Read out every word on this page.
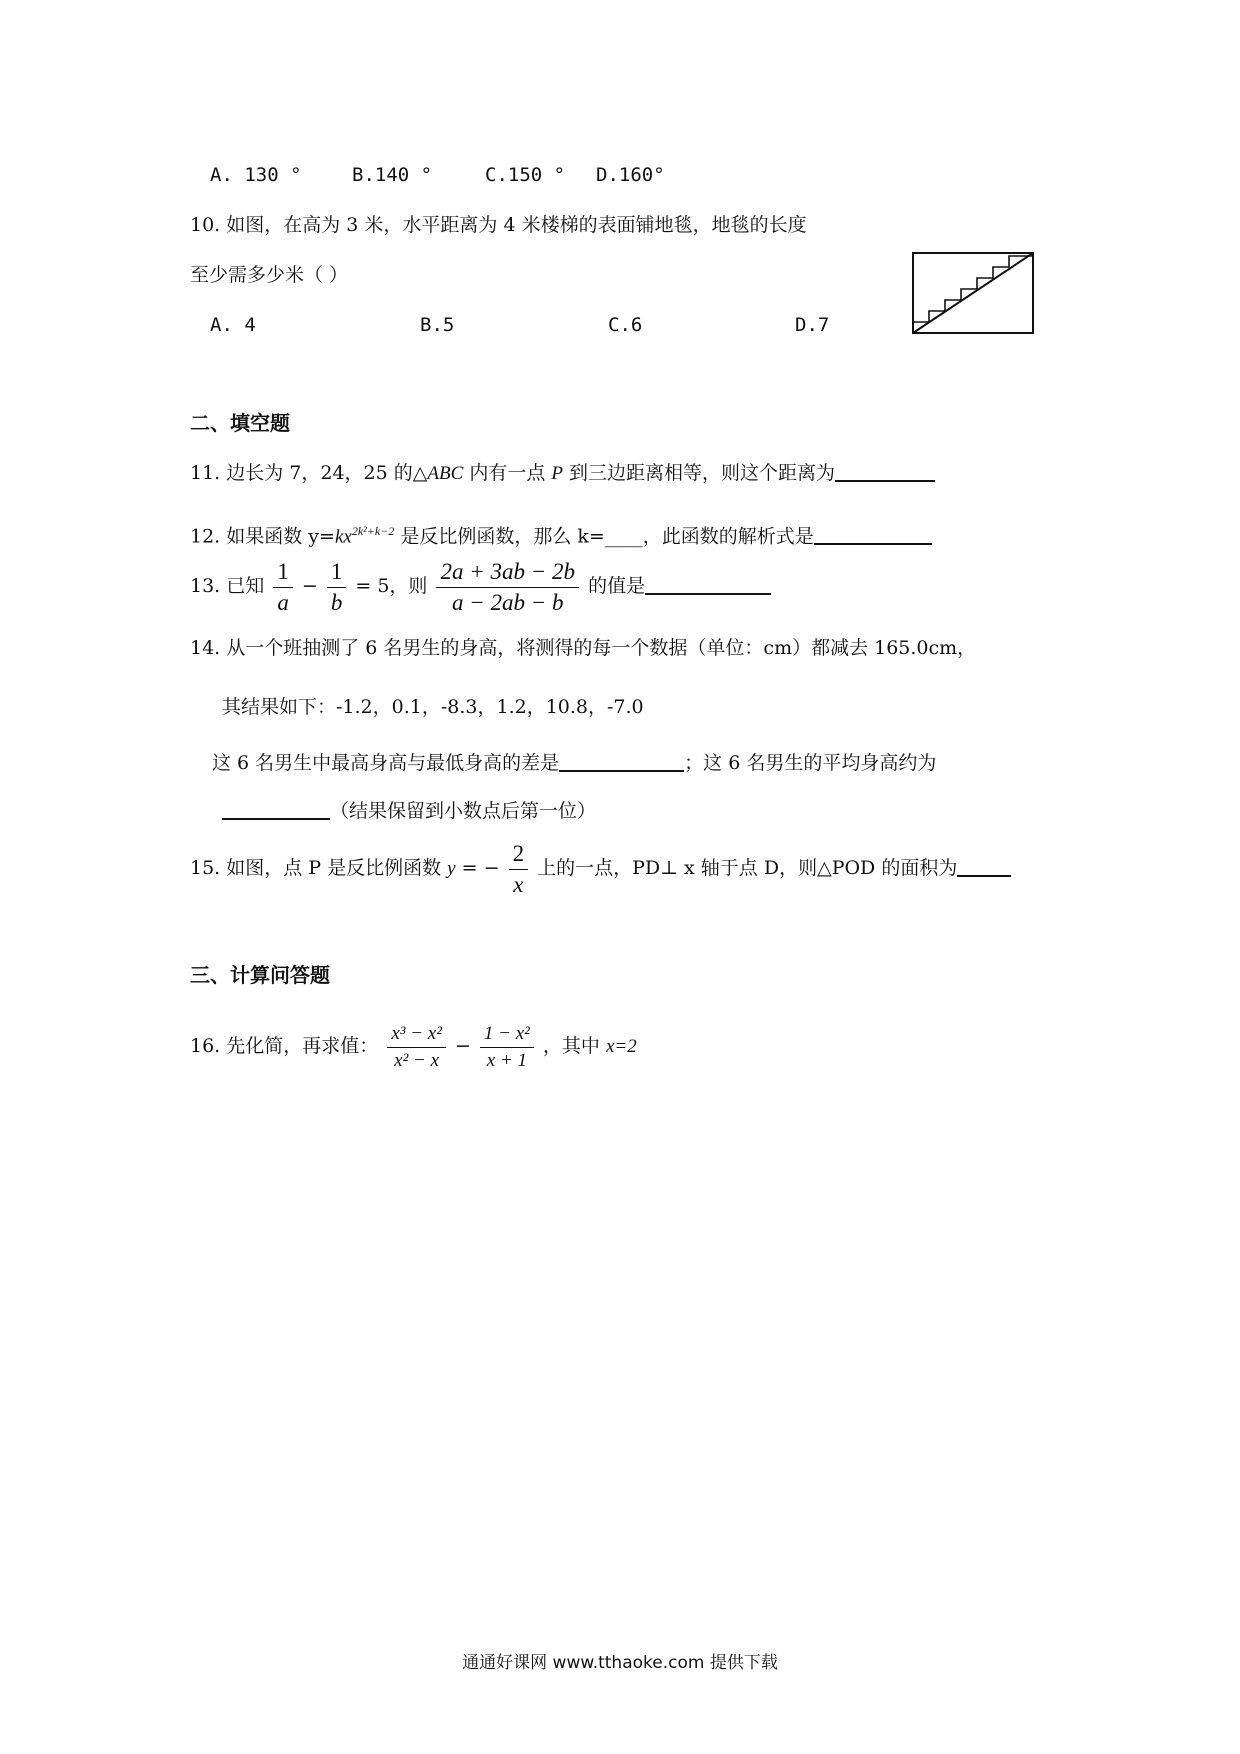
A. 130 °	B.140 °	C.150 ° D.160°
10. 如图，在高为 3 米，水平距离为 4 米楼梯的表面铺地毯，地毯的长度
至少需多少米（ ）
A. 4	B.5	C.6	D.7
二、填空题
11. 边长为 7，24，25 的△ABC 内有一点 P 到三边距离相等，则这个距离为
12. 如果函数 $y=kx^{2k^2+k-2}$ 是反比例函数，那么 k=____，此函数的解析式是
13. 已知 $\frac{1}{a} - \frac{1}{b} = 5$，则 $\frac{2a + 3ab - 2b}{a - 2ab - b}$ 的值是
14. 从一个班抽测了 6 名男生的身高，将测得的每一个数据（单位：cm）都减去 165.0cm，
其结果如下：-1.2，0.1，-8.3，1.2，10.8，-7.0
这 6 名男生中最高身高与最低身高的差是	；这 6 名男生的平均身高约为
（结果保留到小数点后第一位）
15. 如图，点 P 是反比例函数 y = − $\frac{2}{x}$ 上的一点，PD⊥ x 轴于点 D，则△POD 的面积为
三、计算问答题
16. 先化简，再求值： $\frac{\text{x³ − x²}}{\text{x² − x}} - \frac{\text{1 − x²}}{x + 1}$ ，其中 x=2
通通好课网 www.tthaoke.com 提供下载
